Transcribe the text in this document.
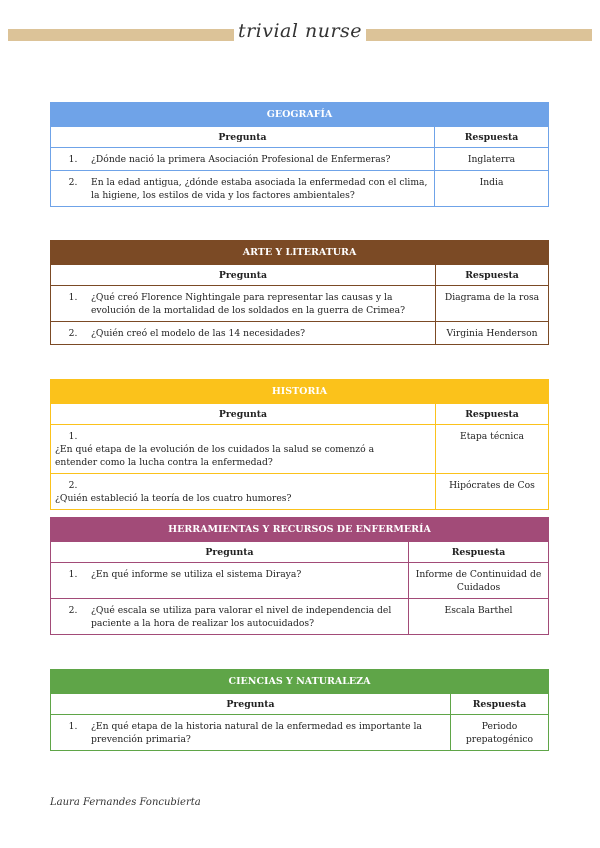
trivial nurse
GEOGRAFÍA	
Pregunta	Respuesta
1. ¿Dónde nació la primera Asociación Profesional de Enfermeras?	Inglaterra
2. En la edad antigua, ¿dónde estaba asociada la enfermedad con el clima, la higiene, los estilos de vida y los factores ambientales?	India
ARTE Y LITERATURA	
Pregunta	Respuesta
1. ¿Qué creó Florence Nightingale para representar las causas y la evolución de la mortalidad de los soldados en la guerra de Crimea?	Diagrama de la rosa
2. ¿Quién creó el modelo de las 14 necesidades?	Virginia Henderson
HISTORIA	
Pregunta	Respuesta
1.¿En qué etapa de la evolución de los cuidados la salud se comenzó a entender como la lucha contra la enfermedad?	Etapa técnica
2.¿Quién estableció la teoría de los cuatro humores?	Hipócrates de Cos
HERRAMIENTAS Y RECURSOS DE ENFERMERÍA	
Pregunta	Respuesta
1. ¿En qué informe se utiliza el sistema Diraya?	Informe de Continuidad de Cuidados
2. ¿Qué escala se utiliza para valorar el nivel de independencia del paciente a la hora de realizar los autocuidados?	Escala Barthel
CIENCIAS Y NATURALEZA	
Pregunta	Respuesta
1. ¿En qué etapa de la historia natural de la enfermedad es importante la prevención primaria?	Periodo prepatogénico
Laura Fernandes Foncubierta
